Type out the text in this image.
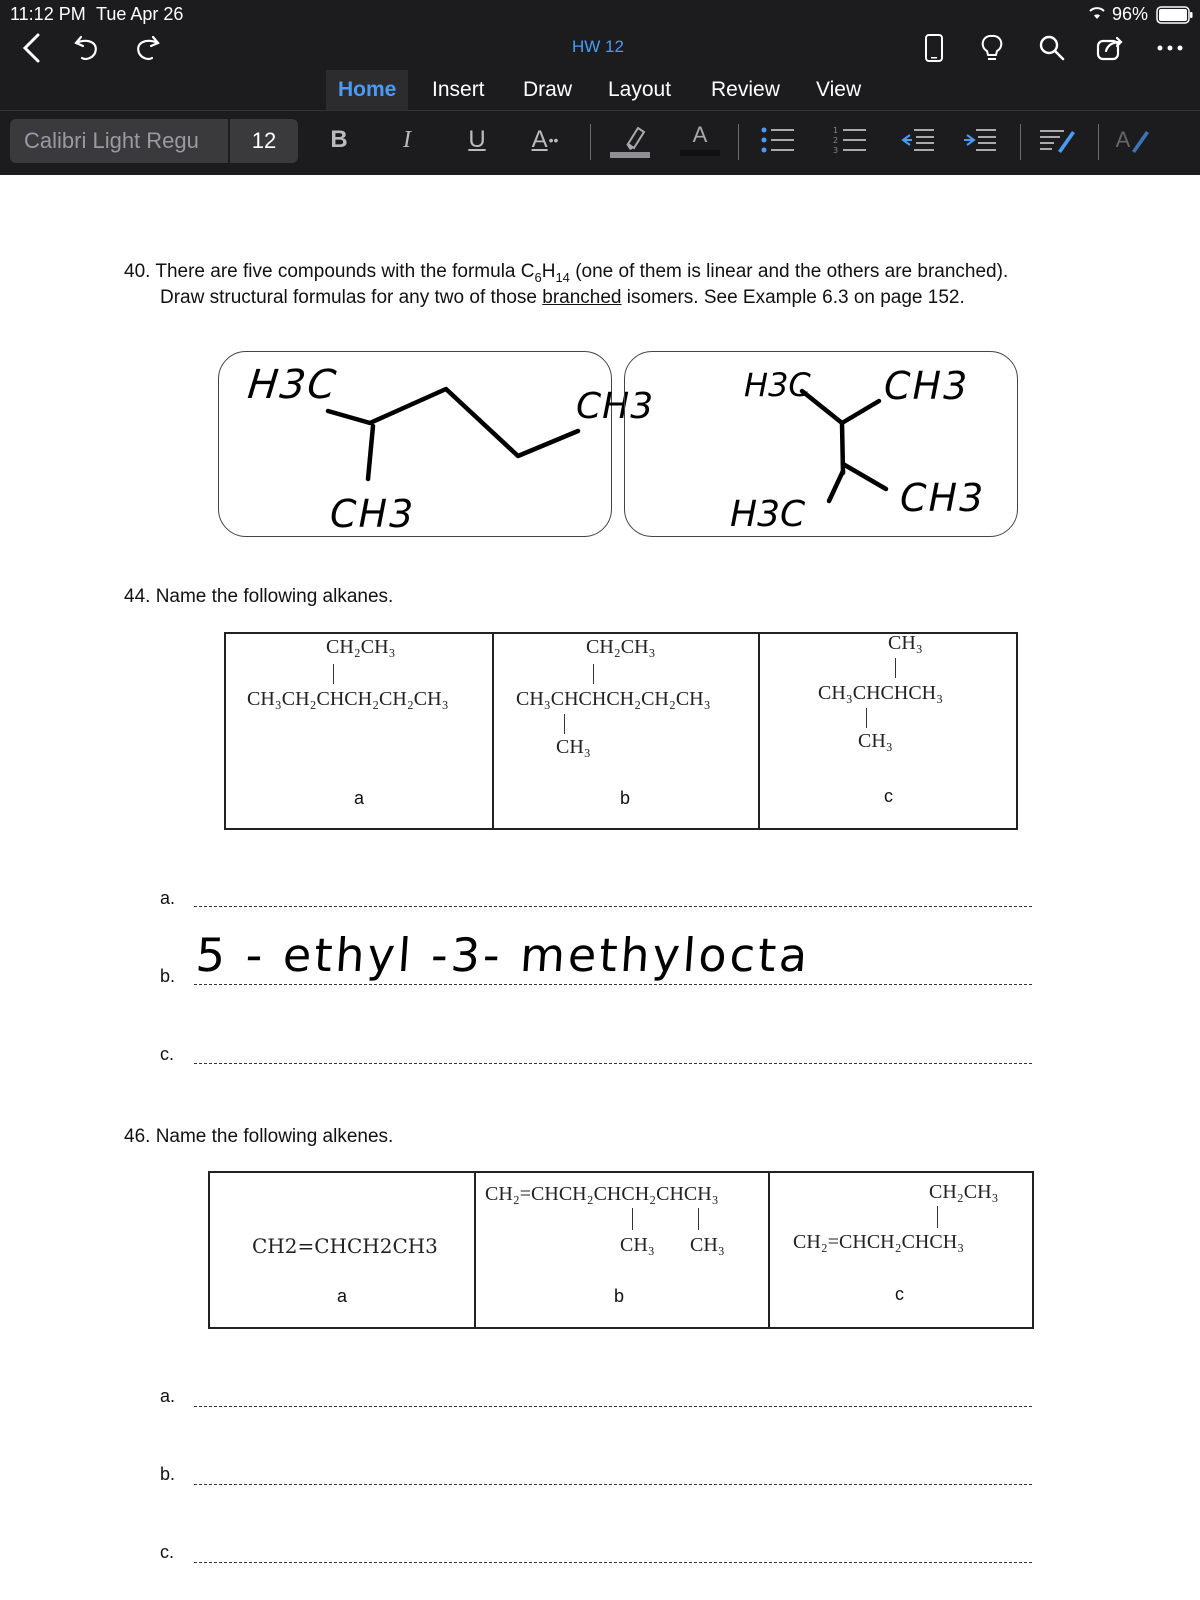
11:12 PM Tue Apr 26	96%
HW 12
Home	Insert	Draw	Layout	Review	View
Calibri Light Regu	12	B	I	U A ••	A	1
2
3	A
40. There are five compounds with the formula $C_6H_{14}$ (one of them is linear and the others are branched).
Draw structural formulas for any two of those branched isomers. See Example 6.3 on page 152.
H3C
CH3
CH3
H3C CH3
H3C CH3
44. Name the following alkanes.
CH₂CH₃
CH₃CH₂CHCH₂CH₂CH₃
a
CH₂CH₃
CH₃CHCHCH₂CH₂CH₃
CH₃
b
CH₃
CH₃CHCHCH₃
CH₃
c
a.
b. 5 - ethyl -3- methylocta
c.
46. Name the following alkenes.
CH2=CHCH2CH3
a
CH₂=CHCH₂CHCH₂CHCH₃
CH₃ CH₃
b
CH₂CH₃
CH₂=CHCH₂CHCH₃
c
a.
b.
c.
